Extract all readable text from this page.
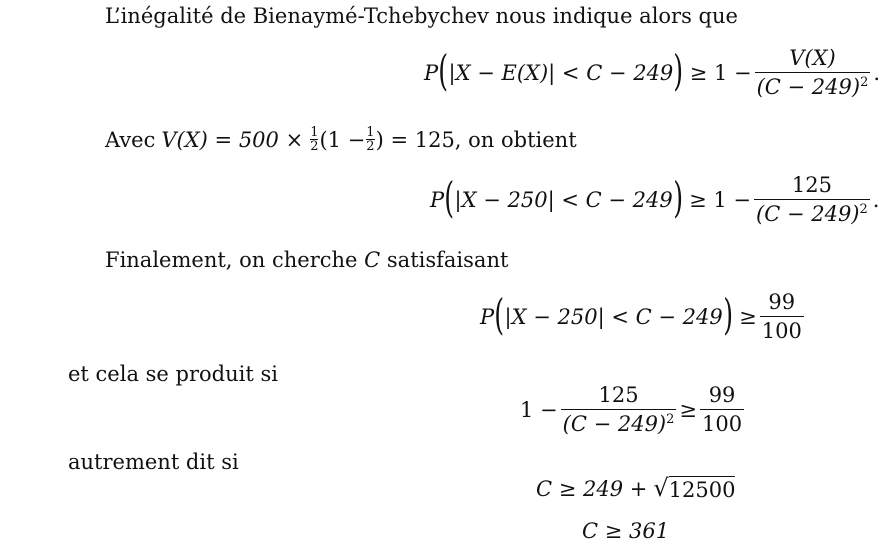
L’inégalité de Bienaymé-Tchebychev nous indique alors que
P ( |X − E(X)| < C − 249 ) ≥ $1 - \frac{V(X)}{(C - 249)^2}$ .
Avec $V(X) = 500 \times \frac{1}{2} (1 - \frac{1}{2}$ ) = 125, on obtient
P ( |X − 250| < C − 249 ) ≥ $1 - \frac{125}{(C - 249)^2}$ .
Finalement, on cherche C satisfaisant
P ( |X − 250| < C − 249 ) ≥ $\frac{99}{100}$
et cela se produit si
$1 - \frac{125}{(C - 249)^2} \ge \frac{99}{100}$
autrement dit si
C ≥ 249 + √ 12500
C ≥ 361
